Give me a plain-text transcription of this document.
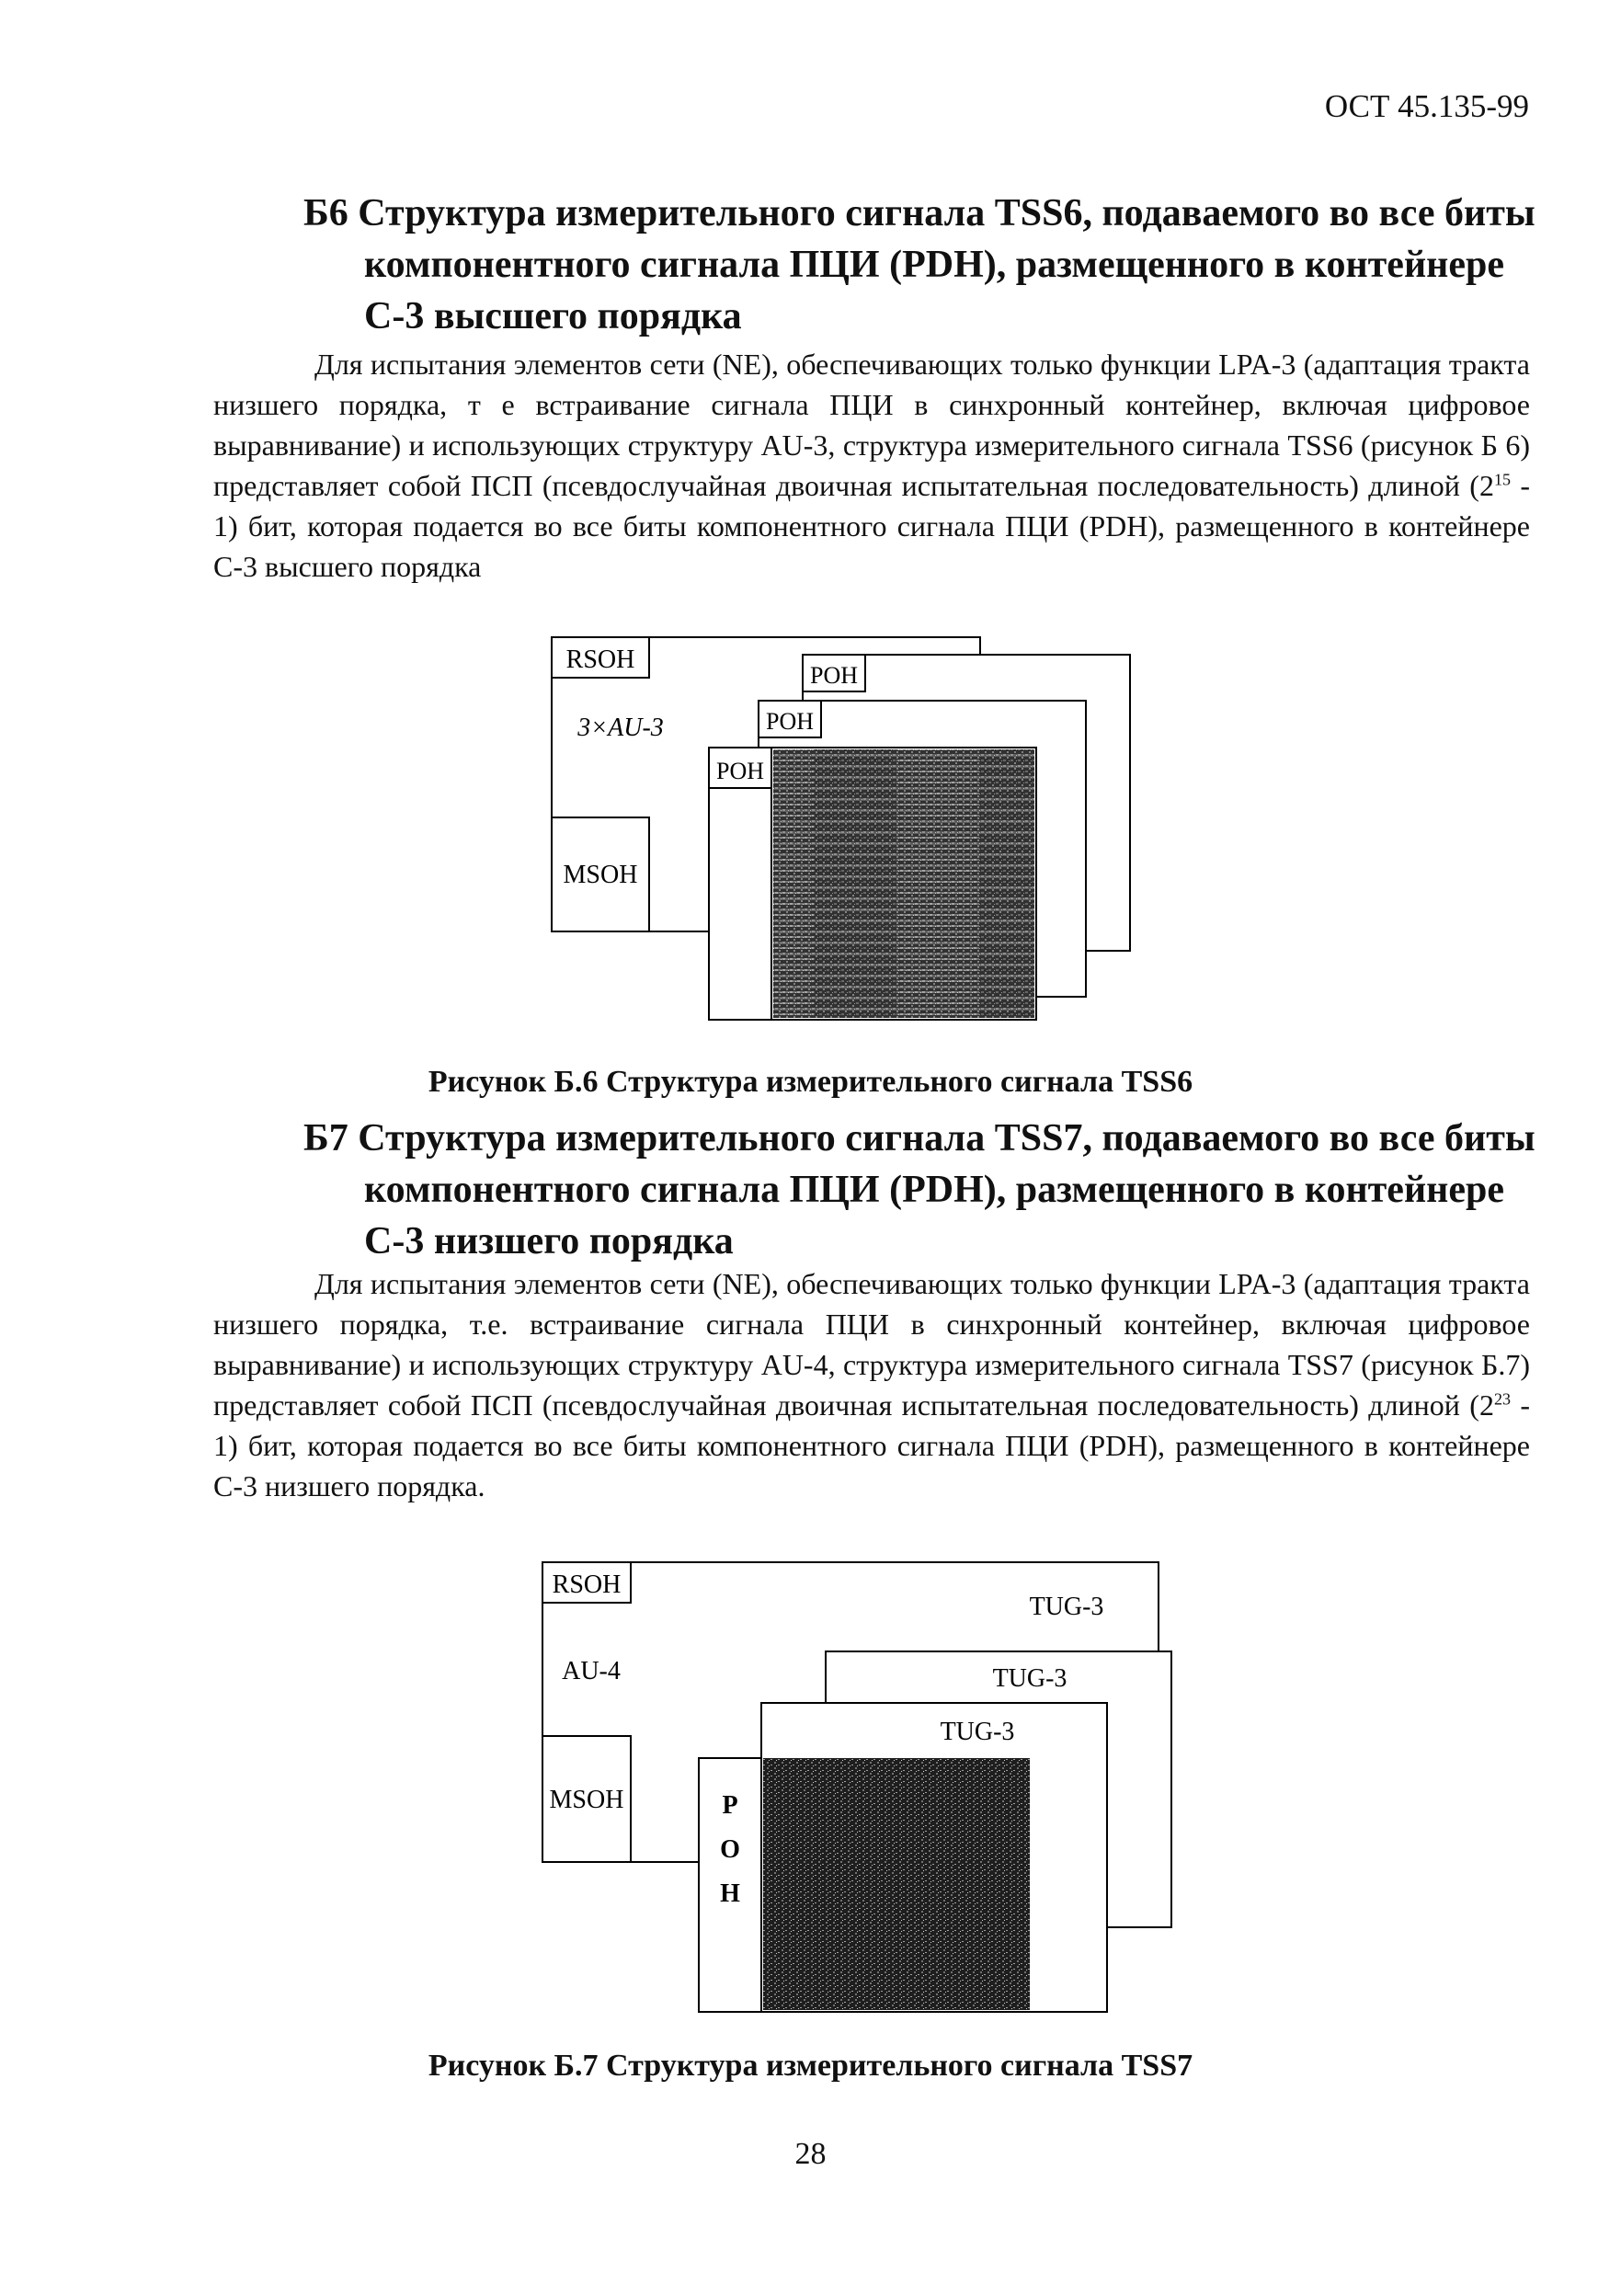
ОСТ 45.135-99
Б6 Структура измерительного сигнала TSS6, подаваемого во все биты
компонентного сигнала ПЦИ (PDH), размещенного в контейнере
С-3 высшего порядка
Для испытания элементов сети (NE), обеспечивающих только функции LPA-3 (адаптация тракта низшего порядка, т е встраивание сигнала ПЦИ в синхронный контейнер, включая цифровое выравнивание) и использующих структуру AU-3, структура измерительного сигнала TSS6 (рисунок Б 6) представляет собой ПСП (псевдослучайная двоичная испытательная последовательность) длиной $(2^{15} - 1)$ бит, которая подается во все биты компонентного сигнала ПЦИ (PDH), размещенного в контейнере С-3 высшего порядка
RSOH
3×AU-3
MSOH
POH
POH
POH
Рисунок Б.6 Структура измерительного сигнала TSS6
Б7 Структура измерительного сигнала TSS7, подаваемого во все биты
компонентного сигнала ПЦИ (PDH), размещенного в контейнере
С-3 низшего порядка
Для испытания элементов сети (NE), обеспечивающих только функции LPA-3 (адаптация тракта низшего порядка, т.е. встраивание сигнала ПЦИ в синхронный контейнер, включая цифровое выравнивание) и использующих структуру AU-4, структура измерительного сигнала TSS7 (рисунок Б.7) представляет собой ПСП (псевдослучайная двоичная испытательная последовательность) длиной $(2^{23} - 1)$ бит, которая подается во все биты компонентного сигнала ПЦИ (PDH), размещенного в контейнере С-3 низшего порядка.
RSOH
TUG-3
AU-4
MSOH
TUG-3
TUG-3
P
O
H
Рисунок Б.7 Структура измерительного сигнала TSS7
28
